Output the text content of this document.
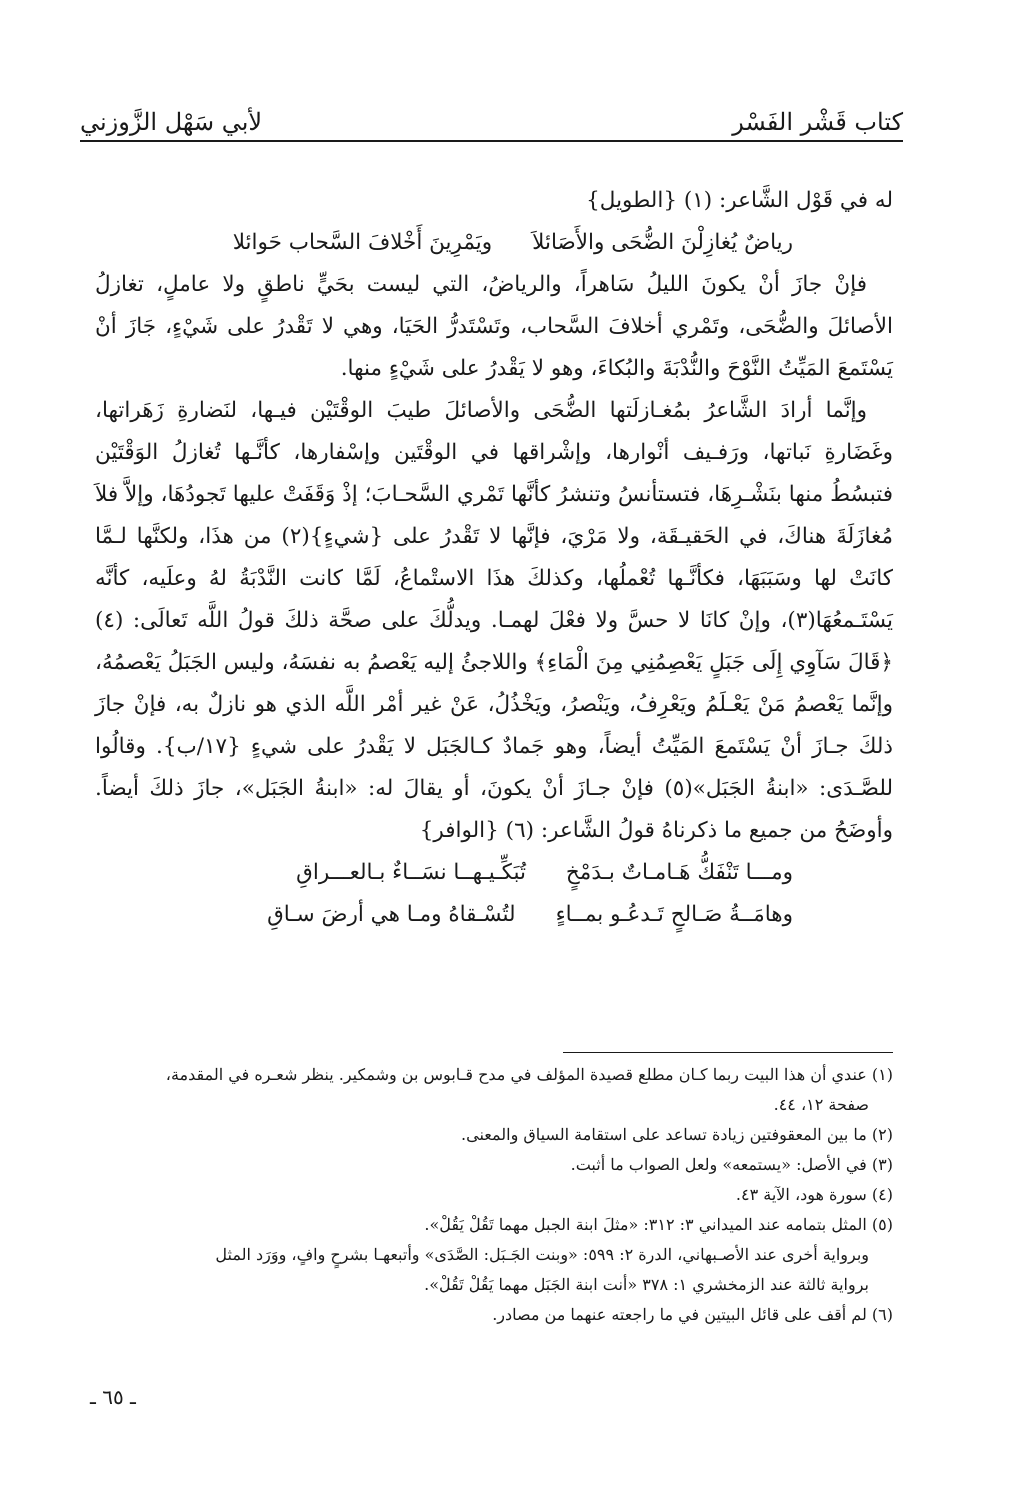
كتاب قَشْر الفَسْر
لأبي سَهْل الزَّوزني

له في قَوْل الشَّاعر: (١) {الطويل}

رياضٌ يُغازِلْنَ الضُّحَى والأَصَائلاَ
ويَمْرِينَ أَخْلافَ السَّحاب حَوائلا

فإنْ جازَ أنْ يكونَ الليلُ سَاهراً، والرياضُ، التي ليست بحَيٍّ ناطقٍ ولا عاملٍ، تغازلُ الأصائلَ والضُّحَى، وتَمْري أخلافَ السَّحاب، وتَسْتَدرُّ الحَيَا، وهي لا تَقْدرُ على شَيْءٍ، جَازَ أنْ يَسْتَمعَ المَيِّتُ النَّوْحَ والنُّدْبَةَ والبُكاءَ، وهو لا يَقْدرُ على شَيْءٍ منها.

وإنَّما أرادَ الشَّاعرُ بمُغـازلَتها الضُّحَى والأصائلَ طيبَ الوقْتَيْن فيـها، لنَضارةِ زَهَراتها، وغَضَارةِ نَباتها، ورَفـيف أنْوارها، وإشْراقها في الوقْتَين وإسْفارها، كأنَّـها تُغازلُ الوَقْتَيْن فتبسُطُ منها بنَشْـرِهَا، فتستأنسُ وتنشرُ كأنَّها تَمْري السَّحـابَ؛ إذْ وَقَفَتْ عليها تَجودُهَا، وإلاَّ فلاَ مُغازَلَةَ هناكَ، في الحَقيـقَة، ولا مَرْيَ، فإنَّها لا تَقْدرُ على {شيءٍ}(٢) من هذَا، ولكنَّها لـمَّا كانَتْ لها وسَبَبَهَا، فكأنَّـها تُعْملُها، وكذلكَ هذَا الاستْماعُ، لَمَّا كانت النَّدْبَةُ لهُ وعلَيه، كأنَّه يَسْتَـمعُهَا(٣)، وإنْ كانَا لا حسَّ ولا فعْلَ لهمـا. ويدلُّكَ على صحَّة ذلكَ قولُ اللَّه تَعالَى: (٤) ﴿قَالَ سَآوِي إِلَى جَبَلٍ يَعْصِمُنِي مِنَ الْمَاءِ﴾ واللاجئُ إليه يَعْصمُ به نفسَهُ، وليس الجَبَلُ يَعْصمُهُ، وإنَّما يَعْصمُ مَنْ يَعْـلَمُ ويَعْرِفُ، ويَنْصرُ، ويَخْذُلُ، عَنْ غير أمْر اللَّه الذي هو نازلٌ به، فإنْ جازَ ذلكَ جـازَ أنْ يَسْتَمعَ المَيِّتُ أيضاً، وهو جَمادٌ كـالجَبَل لا يَقْدرُ على شيءٍ {١٧/ب}. وقالُوا للصَّـدَى: «ابنةُ الجَبَل»(٥) فإنْ جـازَ أنْ يكونَ، أو يقالَ له: «ابنةُ الجَبَل»، جازَ ذلكَ أيضاً. وأوضَحُ من جميع ما ذكرناهُ قولُ الشَّاعر: (٦) {الوافر}

ومـــا تَنْفَكُّ هَـامـاتٌ بـدَمْخٍ
تُبَكِّـيـهــا نسَــاءٌ بـالعـــراقِ
وهامَــةُ صَـالحٍ تَـدعُـو بمــاءٍ
لتُسْـقاهُ ومـا هي أرضَ سـاقِ

(١) عندي أن هذا البيت ربما كـان مطلع قصيدة المؤلف في مدح قـابوس بن وشمكير. ينظر شعـره في المقدمة،

صفحة ١٢، ٤٤.

(٢) ما بين المعقوفتين زيادة تساعد على استقامة السياق والمعنى.

(٣) في الأصل: «يستمعه» ولعل الصواب ما أثبت.

(٤) سورة هود، الآية ٤٣.

(٥) المثل بتمامه عند الميداني ٣: ٣١٢: «مثلَ ابنة الجبل مهما تَقُلْ يَقُلْ».

وبرواية أخرى عند الأصـبهاني، الدرة ٢: ٥٩٩: «وبنت الجَـبَل: الصَّدَى» وأتبعهـا بشرحٍ وافٍ، ووَرَد المثل

برواية ثالثة عند الزمخشري ١: ٣٧٨ «أنت ابنة الجَبَل مهما يَقُلْ تَقُلْ».

(٦) لم أقف على قائل البيتين في ما راجعته عنهما من مصادر.

ـ ٦٥ ـ
